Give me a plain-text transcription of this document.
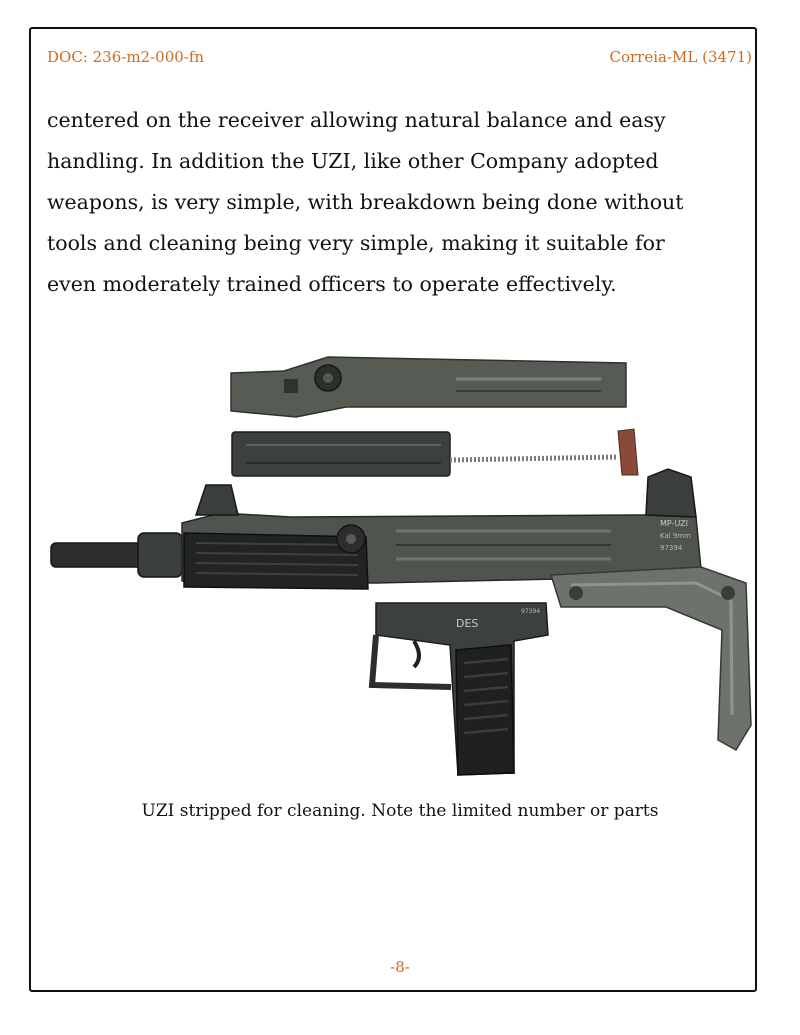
DOC: 236-m2-000-fn	Correia-ML (3471)

centered on the receiver allowing natural balance and easy

handling. In addition the UZI, like other Company adopted

weapons, is very simple, with breakdown being done without

tools and cleaning being very simple, making it suitable for

even moderately trained officers to operate effectively.

MP-UZI
Kal 9mm
97394
DES
97394
UZI stripped for cleaning. Note the limited number or parts
-8-
